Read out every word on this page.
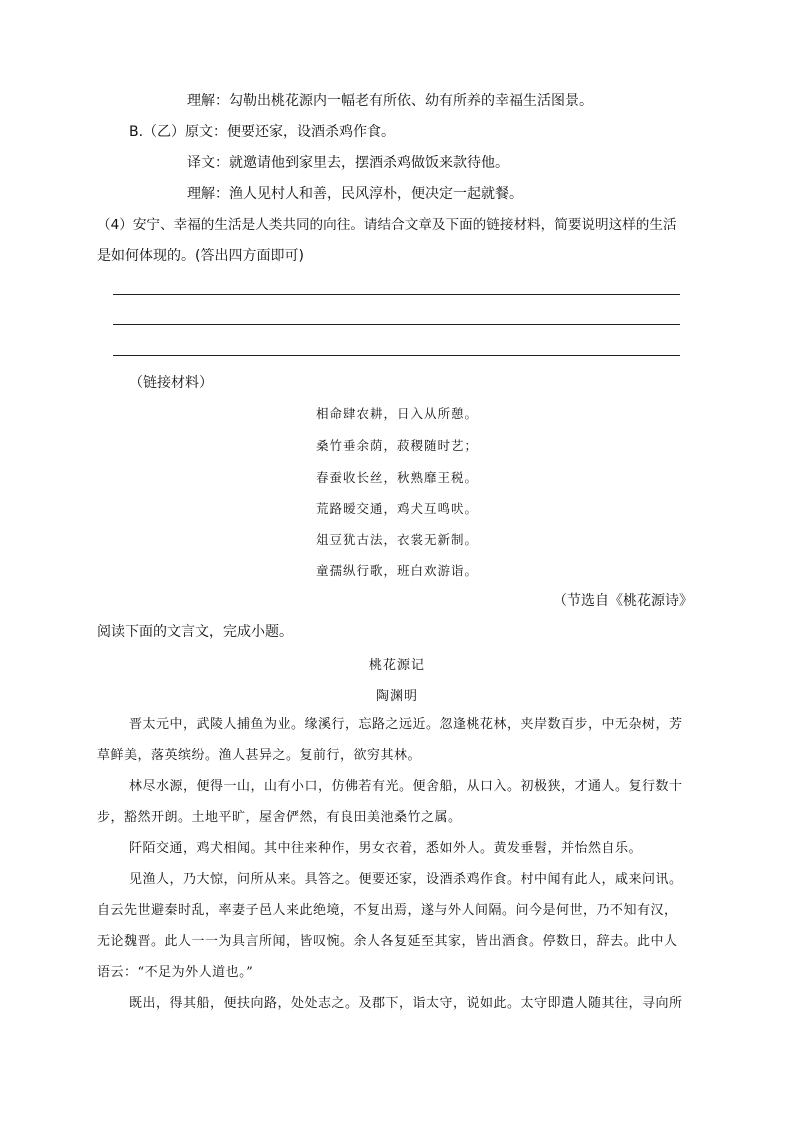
理解：勾勒出桃花源内一幅老有所依、幼有所养的幸福生活图景。
B.（乙）原文：便要还家，设酒杀鸡作食。
译文：就邀请他到家里去，摆酒杀鸡做饭来款待他。
理解：渔人见村人和善，民风淳朴，便决定一起就餐。
（4）安宁、幸福的生活是人类共同的向往。请结合文章及下面的链接材料，简要说明这样的生活
是如何体现的。(答出四方面即可)
（链接材料）
相命肆农耕，日入从所憩。
桑竹垂余荫，菽稷随时艺；
春蚕收长丝，秋熟靡王税。
荒路暧交通，鸡犬互鸣吠。
俎豆犹古法，衣裳无新制。
童孺纵行歌，班白欢游诣。
（节选自《桃花源诗》
阅读下面的文言文，完成小题。
桃花源记
陶渊明
晋太元中，武陵人捕鱼为业。缘溪行，忘路之远近。忽逢桃花林，夹岸数百步，中无杂树，芳
草鲜美，落英缤纷。渔人甚异之。复前行，欲穷其林。
林尽水源，便得一山，山有小口，仿佛若有光。便舍船，从口入。初极狭，才通人。复行数十
步，豁然开朗。土地平旷，屋舍俨然，有良田美池桑竹之属。
阡陌交通，鸡犬相闻。其中往来种作，男女衣着，悉如外人。黄发垂髫，并怡然自乐。
见渔人，乃大惊，问所从来。具答之。便要还家，设酒杀鸡作食。村中闻有此人，咸来问讯。
自云先世避秦时乱，率妻子邑人来此绝境，不复出焉，遂与外人间隔。问今是何世，乃不知有汉，
无论魏晋。此人一一为具言所闻，皆叹惋。余人各复延至其家，皆出酒食。停数日，辞去。此中人
语云：“不足为外人道也。”
既出，得其船，便扶向路，处处志之。及郡下，诣太守，说如此。太守即遣人随其往，寻向所
